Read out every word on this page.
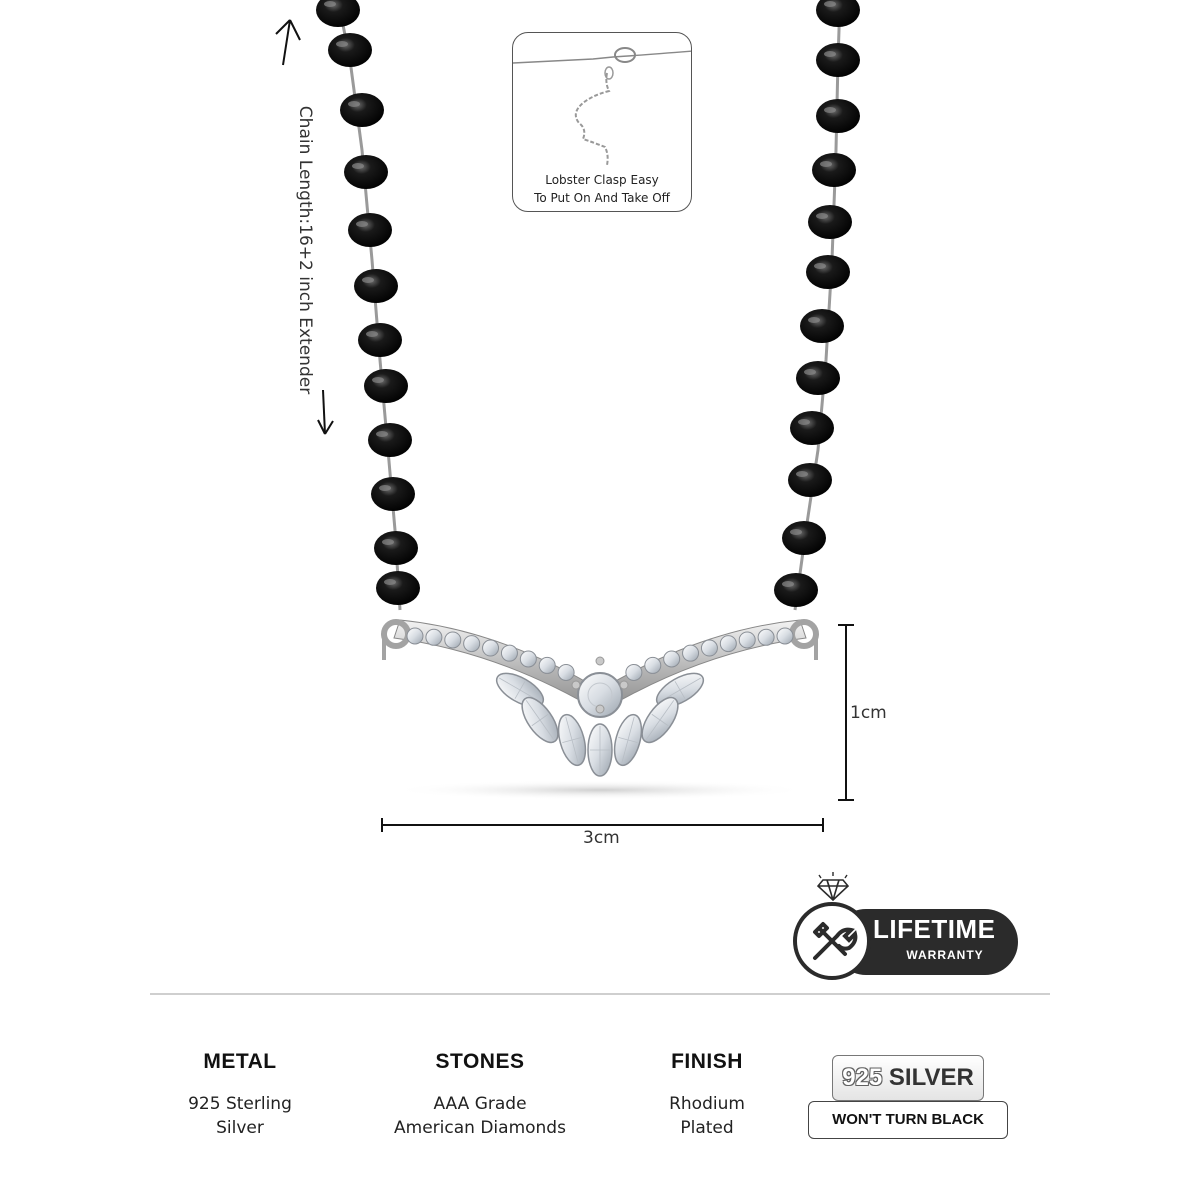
Chain Length:16+2 inch Extender	Lobster Clasp Easy
To Put On And Take Off
1cm
3cm
LIFETIME
WARRANTY
METAL
925 Sterling
Silver
STONES
AAA Grade
American Diamonds
FINISH
Rhodium
Plated
925 SILVER
WON'T TURN BLACK
